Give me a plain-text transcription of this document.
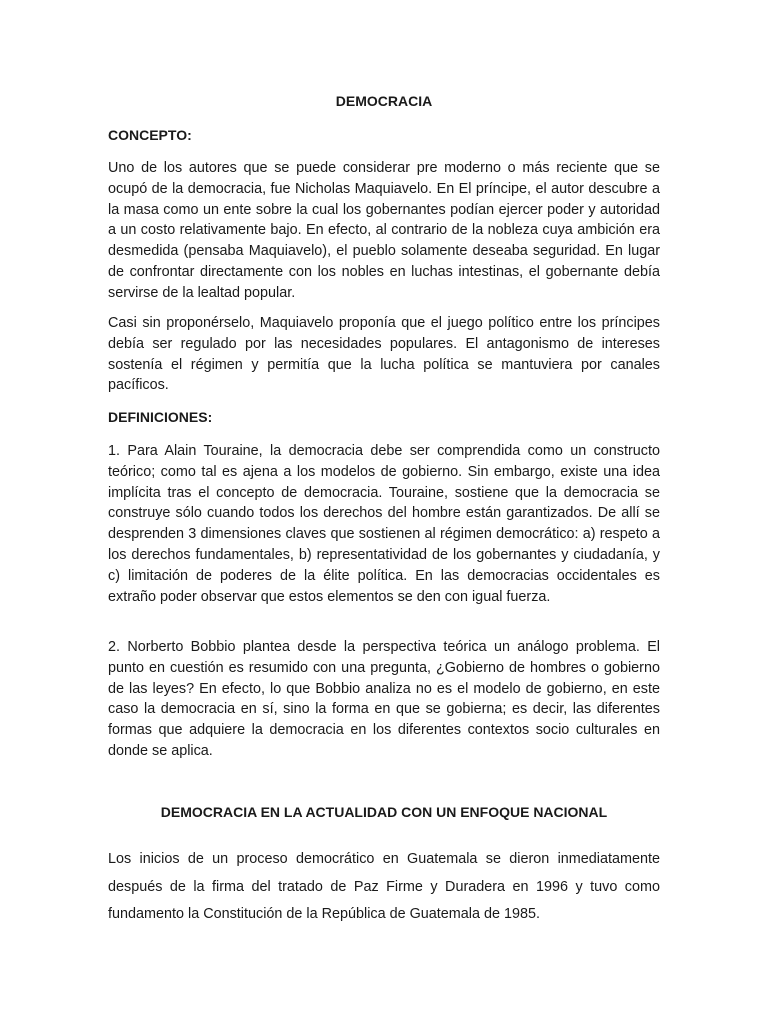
DEMOCRACIA
CONCEPTO:

Uno de los autores que se puede considerar pre moderno o más reciente que se ocupó de la democracia, fue Nicholas Maquiavelo. En El príncipe, el autor descubre a la masa como un ente sobre la cual los gobernantes podían ejercer poder y autoridad a un costo relativamente bajo. En efecto, al contrario de la nobleza cuya ambición era desmedida (pensaba Maquiavelo), el pueblo solamente deseaba seguridad. En lugar de confrontar directamente con los nobles en luchas intestinas, el gobernante debía servirse de la lealtad popular.

Casi sin proponérselo, Maquiavelo proponía que el juego político entre los príncipes debía ser regulado por las necesidades populares. El antagonismo de intereses sostenía el régimen y permitía que la lucha política se mantuviera por canales pacíficos.

DEFINICIONES:

1. Para Alain Touraine, la democracia debe ser comprendida como un constructo teórico; como tal es ajena a los modelos de gobierno. Sin embargo, existe una idea implícita tras el concepto de democracia. Touraine, sostiene que la democracia se construye sólo cuando todos los derechos del hombre están garantizados. De allí se desprenden 3 dimensiones claves que sostienen al régimen democrático: a) respeto a los derechos fundamentales, b) representatividad de los gobernantes y ciudadanía, y c) limitación de poderes de la élite política. En las democracias occidentales es extraño poder observar que estos elementos se den con igual fuerza.

2. Norberto Bobbio plantea desde la perspectiva teórica un análogo problema. El punto en cuestión es resumido con una pregunta, ¿Gobierno de hombres o gobierno de las leyes? En efecto, lo que Bobbio analiza no es el modelo de gobierno, en este caso la democracia en sí, sino la forma en que se gobierna; es decir, las diferentes formas que adquiere la democracia en los diferentes contextos socio culturales en donde se aplica.

DEMOCRACIA EN LA ACTUALIDAD CON UN ENFOQUE NACIONAL

Los inicios de un proceso democrático en Guatemala se dieron inmediatamente después de la firma del tratado de Paz Firme y Duradera en 1996 y tuvo como fundamento la Constitución de la República de Guatemala de 1985.
